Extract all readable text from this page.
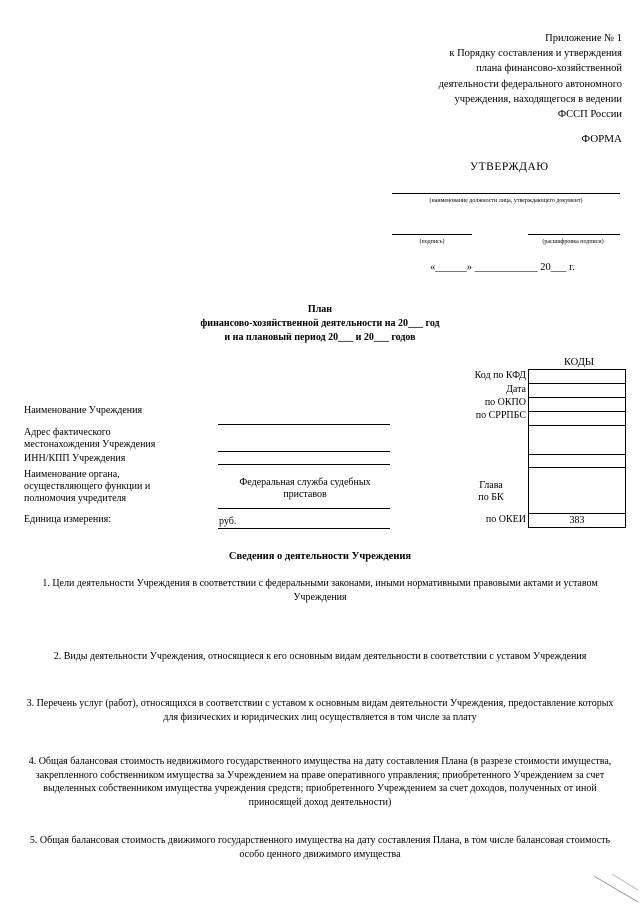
Приложение № 1
к Порядку составления и утверждения
плана финансово-хозяйственной
деятельности федерального автономного
учреждения, находящегося в ведении
ФССП России
ФОРМА
УТВЕРЖДАЮ
(наименование должности лица, утверждающего документ)
(подпись)	(расшифровка подписи)
«______» ____________ 20___ г.
План
финансово-хозяйственной деятельности на 20___ год
и на плановый период 20___ и 20___ годов
КОДЫ
383
Код по КФД
Дата
по ОКПО
по СРРПБС
Глава по БК
по ОКЕИ
Наименование Учреждения
Адрес фактического местонахождения Учреждения
ИНН/КПП Учреждения
Наименование органа, осуществляющего функции и полномочия учредителя
Федеральная служба судебных приставов
Единица измерения:	руб.
Сведения о деятельности Учреждения
1. Цели деятельности Учреждения в соответствии с федеральными законами, иными нормативными правовыми актами и уставом Учреждения
2. Виды деятельности Учреждения, относящиеся к его основным видам деятельности в соответствии с уставом Учреждения
3. Перечень услуг (работ), относящихся в соответствии с уставом к основным видам деятельности Учреждения, предоставление которых для физических и юридических лиц осуществляется в том числе за плату
4. Общая балансовая стоимость недвижимого государственного имущества на дату составления Плана (в разрезе стоимости имущества, закрепленного собственником имущества за Учреждением на праве оперативного управления; приобретенного Учреждением за счет выделенных собственником имущества учреждения средств; приобретенного Учреждением за счет доходов, полученных от иной приносящей доход деятельности)
5. Общая балансовая стоимость движимого государственного имущества на дату составления Плана, в том числе балансовая стоимость особо ценного движимого имущества
